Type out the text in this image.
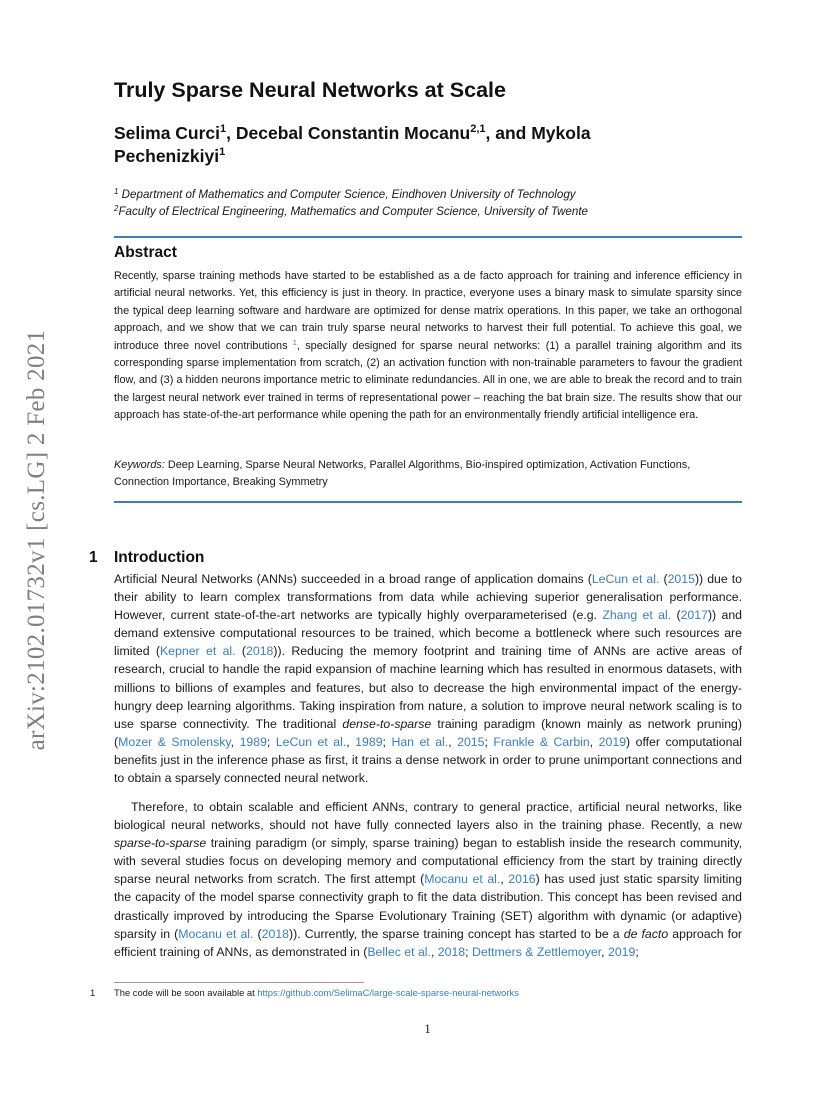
arXiv:2102.01732v1 [cs.LG] 2 Feb 2021
Truly Sparse Neural Networks at Scale
Selima Curci$^1$, Decebal Constantin Mocanu$^{2,1}$, and Mykola
Pechenizkiyi$^1$
$^1$ Department of Mathematics and Computer Science, Eindhoven University of Technology
$^2$Faculty of Electrical Engineering, Mathematics and Computer Science, University of Twente
Abstract

Recently, sparse training methods have started to be established as a de facto approach for training and inference efficiency in artificial neural networks. Yet, this efficiency is just in theory. In practice, everyone uses a binary mask to simulate sparsity since the typical deep learning software and hardware are optimized for dense matrix operations. In this paper, we take an orthogonal approach, and we show that we can train truly sparse neural networks to harvest their full potential. To achieve this goal, we introduce three novel contributions $^1$, specially designed for sparse neural networks: (1) a parallel training algorithm and its corresponding sparse implementation from scratch, (2) an activation function with non-trainable parameters to favour the gradient flow, and (3) a hidden neurons importance metric to eliminate redundancies. All in one, we are able to break the record and to train the largest neural network ever trained in terms of representational power – reaching the bat brain size. The results show that our approach has state-of-the-art performance while opening the path for an environmentally friendly artificial intelligence era.

Keywords: Deep Learning, Sparse Neural Networks, Parallel Algorithms, Bio-inspired optimization, Activation Functions, Connection Importance, Breaking Symmetry

1 Introduction

Artificial Neural Networks (ANNs) succeeded in a broad range of application domains (LeCun et al. (2015)) due to their ability to learn complex transformations from data while achieving superior generalisation performance. However, current state-of-the-art networks are typically highly overparameterised (e.g. Zhang et al. (2017)) and demand extensive computational resources to be trained, which become a bottleneck where such resources are limited (Kepner et al. (2018)). Reducing the memory footprint and training time of ANNs are active areas of research, crucial to handle the rapid expansion of machine learning which has resulted in enormous datasets, with millions to billions of examples and features, but also to decrease the high environmental impact of the energy-hungry deep learning algorithms. Taking inspiration from nature, a solution to improve neural network scaling is to use sparse connectivity. The traditional dense-to-sparse training paradigm (known mainly as network pruning) (Mozer & Smolensky, 1989; LeCun et al., 1989; Han et al., 2015; Frankle & Carbin, 2019) offer computational benefits just in the inference phase as first, it trains a dense network in order to prune unimportant connections and to obtain a sparsely connected neural network.

Therefore, to obtain scalable and efficient ANNs, contrary to general practice, artificial neural networks, like biological neural networks, should not have fully connected layers also in the training phase. Recently, a new sparse-to-sparse training paradigm (or simply, sparse training) began to establish inside the research community, with several studies focus on developing memory and computational efficiency from the start by training directly sparse neural networks from scratch. The first attempt (Mocanu et al., 2016) has used just static sparsity limiting the capacity of the model sparse connectivity graph to fit the data distribution. This concept has been revised and drastically improved by introducing the Sparse Evolutionary Training (SET) algorithm with dynamic (or adaptive) sparsity in (Mocanu et al. (2018)). Currently, the sparse training concept has started to be a de facto approach for efficient training of ANNs, as demonstrated in (Bellec et al., 2018; Dettmers & Zettlemoyer, 2019;

1 The code will be soon available at https://github.com/SelimaC/large-scale-sparse-neural-networks
1
